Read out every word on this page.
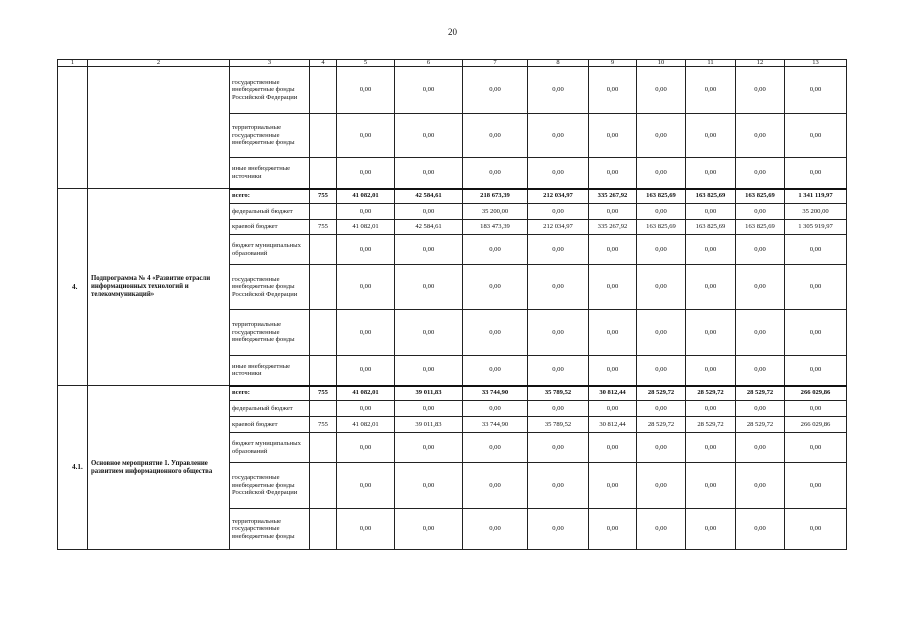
20
1	2	3	4	5	6	7	8	9	10	11	12	13
		государственные внебюджетные фонды Российской Федерации		0,00	0,00	0,00	0,00	0,00	0,00	0,00	0,00	0,00
		территориальные государственные внебюджетные фонды		0,00	0,00	0,00	0,00	0,00	0,00	0,00	0,00	0,00
		иные внебюджетные источники		0,00	0,00	0,00	0,00	0,00	0,00	0,00	0,00	0,00
4.	Подпрограмма № 4 «Развитие отрасли информационных технологий и телекоммуникаций»	всего:	755	41 082,01	42 584,61	218 673,39	212 034,97	335 267,92	163 825,69	163 825,69	163 825,69	1 341 119,97
		федеральный бюджет		0,00	0,00	35 200,00	0,00	0,00	0,00	0,00	0,00	35 200,00
		краевой бюджет	755	41 082,01	42 584,61	183 473,39	212 034,97	335 267,92	163 825,69	163 825,69	163 825,69	1 305 919,97
		бюджет муниципальных образований		0,00	0,00	0,00	0,00	0,00	0,00	0,00	0,00	0,00
		государственные внебюджетные фонды Российской Федерации		0,00	0,00	0,00	0,00	0,00	0,00	0,00	0,00	0,00
		территориальные государственные внебюджетные фонды		0,00	0,00	0,00	0,00	0,00	0,00	0,00	0,00	0,00
		иные внебюджетные источники		0,00	0,00	0,00	0,00	0,00	0,00	0,00	0,00	0,00
4.1.	Основное мероприятие 1. Управление развитием информационного общества	всего:	755	41 082,01	39 011,83	33 744,90	35 789,52	30 812,44	28 529,72	28 529,72	28 529,72	266 029,86
		федеральный бюджет		0,00	0,00	0,00	0,00	0,00	0,00	0,00	0,00	0,00
		краевой бюджет	755	41 082,01	39 011,83	33 744,90	35 789,52	30 812,44	28 529,72	28 529,72	28 529,72	266 029,86
		бюджет муниципальных образований		0,00	0,00	0,00	0,00	0,00	0,00	0,00	0,00	0,00
		государственные внебюджетные фонды Российской Федерации		0,00	0,00	0,00	0,00	0,00	0,00	0,00	0,00	0,00
		территориальные государственные внебюджетные фонды		0,00	0,00	0,00	0,00	0,00	0,00	0,00	0,00	0,00
